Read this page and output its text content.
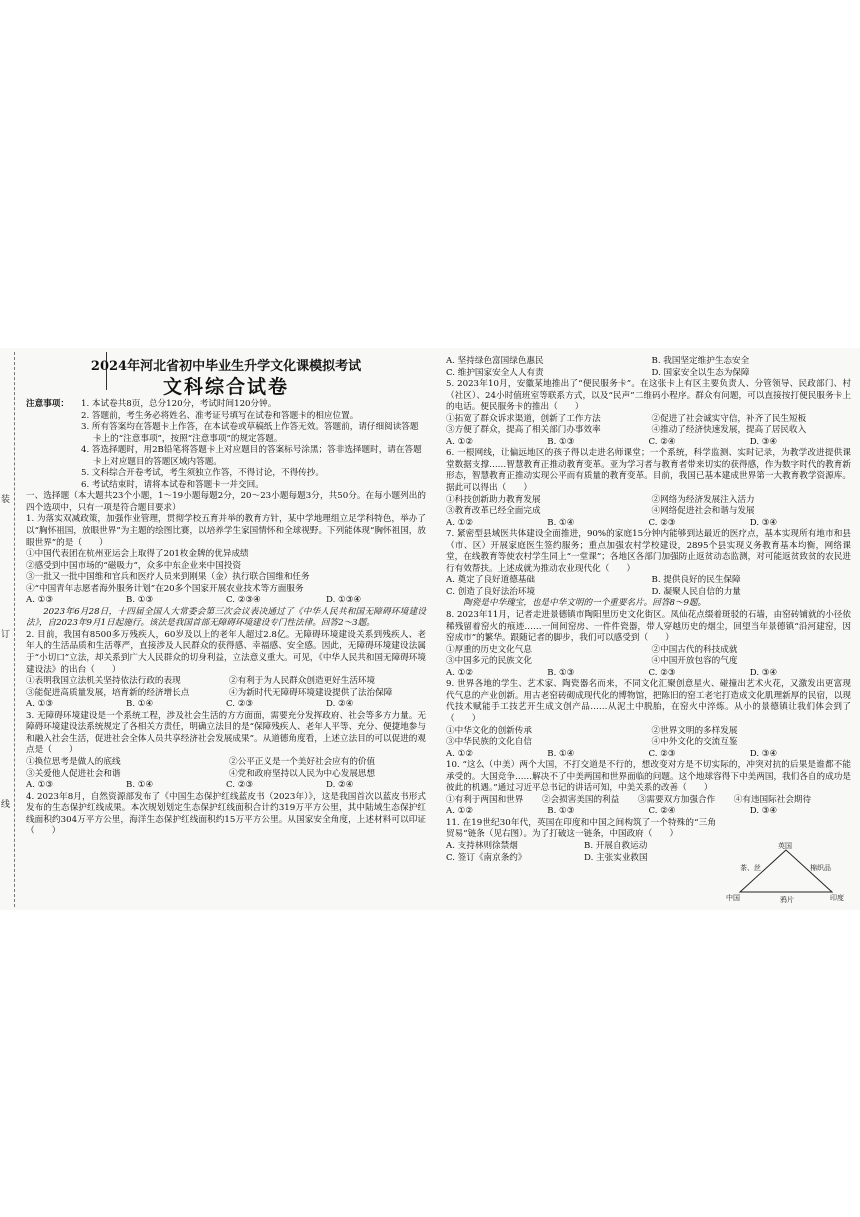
装
订
线
2024年河北省初中毕业生升学文化课模拟考试
文科综合试卷
注意事项： 1. 本试卷共8页，总分120分，考试时间120分钟。
2. 答题前，考生务必将姓名、准考证号填写在试卷和答题卡的相应位置。
3. 所有答案均在答题卡上作答，在本试卷或草稿纸上作答无效。答题前，请仔细阅读答题卡上的“注意事项”，按照“注意事项”的规定答题。
4. 答选择题时，用2B铅笔将答题卡上对应题目的答案标号涂黑；答非选择题时，请在答题卡上对应题目的答题区域内答题。
5. 文科综合开卷考试，考生须独立作答，不得讨论，不得传抄。
6. 考试结束时，请将本试卷和答题卡一并交回。

一、选择题（本大题共23个小题，1～19小题每题2分，20～23小题每题3分，共50分。在每小题列出的四个选项中，只有一项是符合题目要求）

1. 为落实双减政策，加强作业管理，贯彻学校五育并举的教育方针，某中学地理组立足学科特色，举办了以“胸怀祖国，放眼世界”为主题的绘图比赛，以培养学生家国情怀和全球视野。下列能体现“胸怀祖国，放眼世界”的是（　　）

①中国代表团在杭州亚运会上取得了201枚金牌的优异成绩
②感受到中国市场的“磁吸力”，众多中东企业来中国投资
③一批又一批中国维和官兵和医疗人员来到刚果（金）执行联合国维和任务
④“中国青年志愿者海外服务计划”在20多个国家开展农业技术等方面服务
A. ①③	B. ①③	C. ②③④	D. ①③④

2023年6月28日，十四届全国人大常委会第三次会议表决通过了《中华人民共和国无障碍环境建设法》，自2023年9月1日起施行。该法是我国首部无障碍环境建设专门性法律。回答2～3题。

2. 目前，我国有8500多万残疾人，60岁及以上的老年人超过2.8亿。无障碍环境建设关系到残疾人、老年人的生活品质和生活尊严，直接涉及人民群众的获得感、幸福感、安全感。因此，无障碍环境建设法属于“小切口”立法，却关系到广大人民群众的切身利益，立法意义重大。可见，《中华人民共和国无障碍环境建设法》的出台（　　）

①表明我国立法机关坚持依法行政的表现	②有利于为人民群众创造更好生活环境
③能促进高质量发展，培育新的经济增长点	④为新时代无障碍环境建设提供了法治保障
A. ①③	B. ①④	C. ②③	D. ②④

3. 无障碍环境建设是一个系统工程，涉及社会生活的方方面面，需要充分发挥政府、社会等多方力量。无障碍环境建设法系统规定了各相关方责任，明确立法目的是“保障残疾人、老年人平等、充分、便捷地参与和融入社会生活，促进社会全体人员共享经济社会发展成果”。从道德角度看，上述立法目的可以促进的观点是（　　）

①换位思考是做人的底线	②公平正义是一个美好社会应有的价值
③关爱他人促进社会和谐	④党和政府坚持以人民为中心发展思想
A. ①③	B. ①④	C. ②③	D. ②④

4. 2023年8月，自然资源部发布了《中国生态保护红线蓝皮书（2023年）》，这是我国首次以蓝皮书形式发布的生态保护红线成果。本次规划划定生态保护红线面积合计约319万平方公里，其中陆域生态保护红线面积约304万平方公里，海洋生态保护红线面积约15万平方公里。从国家安全角度，上述材料可以印证（　　）

A. 坚持绿色富国绿色惠民	B. 我国坚定维护生态安全
C. 维护国家安全人人有责	D. 国家安全以生态为保障

5. 2023年10月，安徽某地推出了“便民服务卡”。在这张卡上有区主要负责人、分管领导、民政部门、村（社区）、24小时值班室等联系方式，以及“民声”二维码小程序。群众有问题，可以直接按打便民服务卡上的电话。便民服务卡的推出（　　）

①拓宽了群众诉求渠道，创新了工作方法	②促进了社会诚实守信，补齐了民生短板
③方便了群众，提高了相关部门办事效率	④推动了经济快速发展，提高了居民收入
A. ①②	B. ①③	C. ②④	D. ③④

6. 一根网线，让偏远地区的孩子得以走进名师课堂；一个系统，科学监测、实时记录，为教学改进提供课堂数据支撑……智慧教育正推动教育变革。亚为学习者与教育者带来切实的获得感，作为数字时代的教育新形态，智慧教育正推动实现公平而有质量的教育变革。目前，我国已基本建成世界第一大教育教学资源库。据此可以得出（　　）

①科技创新助力教育发展	②网络为经济发展注入活力
③教育改革已经全面完成	④网络促进社会和谐与发展
A. ①②	B. ①④	C. ②③	D. ③④

7. 紧密型县域医共体建设全面推进，90%的家庭15分钟内能够到达最近的医疗点，基本实现所有地市和县（市、区）开展家庭医生签约服务；重点加强农村学校建设，2895个县实现义务教育基本均衡，网络课堂，在线教育等使农村学生同上“一堂课”；各地区各部门加强防止返贫动态监测，对可能返贫致贫的农民进行有效帮扶。上述成就为推动农业现代化（　　）

A. 奠定了良好道德基础	B. 提供良好的民生保障
C. 创造了良好法治环境	D. 凝聚人民自信的力量

陶瓷是中华瑰宝，也是中华文明的一个重要名片。回答8～9题。

8. 2023年11月，记者走进景德镇市陶阳里历史文化街区。凤仙花点缀着斑驳的石墙，由窑砖铺就的小径依稀残留着窑火的痕迹……一间间窑房、一件件瓷器，带人穿越历史的烟尘，回望当年景德镇“沿河建窑，因窑成市”的繁华。跟随记者的脚步，我们可以感受到（　　）

①厚重的历史文化气息	②中国古代的科技成就
③中国多元的民族文化	④中国开放包容的气度
A. ①②	B. ①③	C. ②③	D. ③④

9. 世界各地的学生、艺术家、陶瓷器名而来，不同文化汇聚创意星火、碰撞出艺术火花，又激发出更富现代气息的产业创新。用古老窑砖砌成现代化的博物馆，把陈旧的窑工老宅打造成文化肌理新厚的民宿，以现代技术赋能手工技艺开生成文创产品……从泥土中脱胎，在窑火中淬炼。从小的景德镇让我们体会到了（　　）

①中华文化的创新传承	②世界文明的多样发展
③中华民族的文化自信	④中外文化的交流互鉴
A. ①②	B. ①④	C. ②③	D. ③④

10. “这么（中美）两个大国，不打交道是不行的，想改变对方是不切实际的，冲突对抗的后果是谁都不能承受的。大国竞争……解决不了中美两国和世界面临的问题。这个地球容得下中美两国，我们各自的成功是彼此的机遇。”通过习近平总书记的讲话可知，中美关系的改善（　　）

①有利于两国和世界	②会损害美国的利益	③需要双方加强合作	④有违国际社会期待
A. ①②	B. ①③	C. ②④	D. ③④

11. 在19世纪30年代，英国在印度和中国之间构筑了一个特殊的“三角贸易”链条（见右图）。为了打破这一链条，中国政府（　　）

A. 支持林则徐禁烟	B. 开展自救运动
C. 签订《南京条约》	D. 主张实业救国
英国
中国	印度
茶、丝	棉织品
鸦片
